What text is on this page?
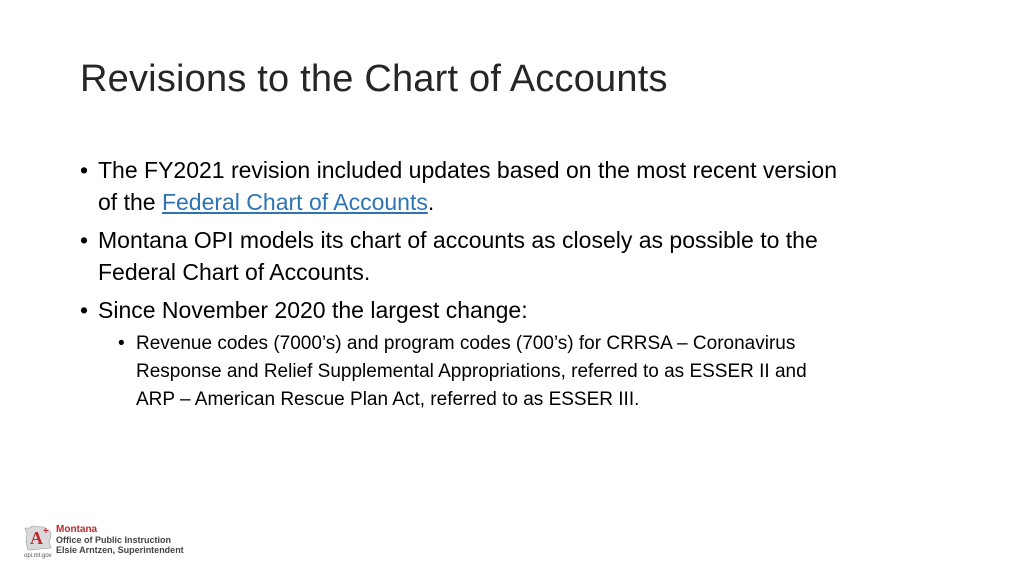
Revisions to the Chart of Accounts
• The FY2021 revision included updates based on the most recent version of the Federal Chart of Accounts.
• Montana OPI models its chart of accounts as closely as possible to the Federal Chart of Accounts.
• Since November 2020 the largest change:
• Revenue codes (7000’s) and program codes (700’s) for CRRSA – Coronavirus Response and Relief Supplemental Appropriations, referred to as ESSER II and ARP – American Rescue Plan Act, referred to as ESSER III.
A + Montana
Office of Public Instruction
Elsie Arntzen, Superintendent
opi.mt.gov
